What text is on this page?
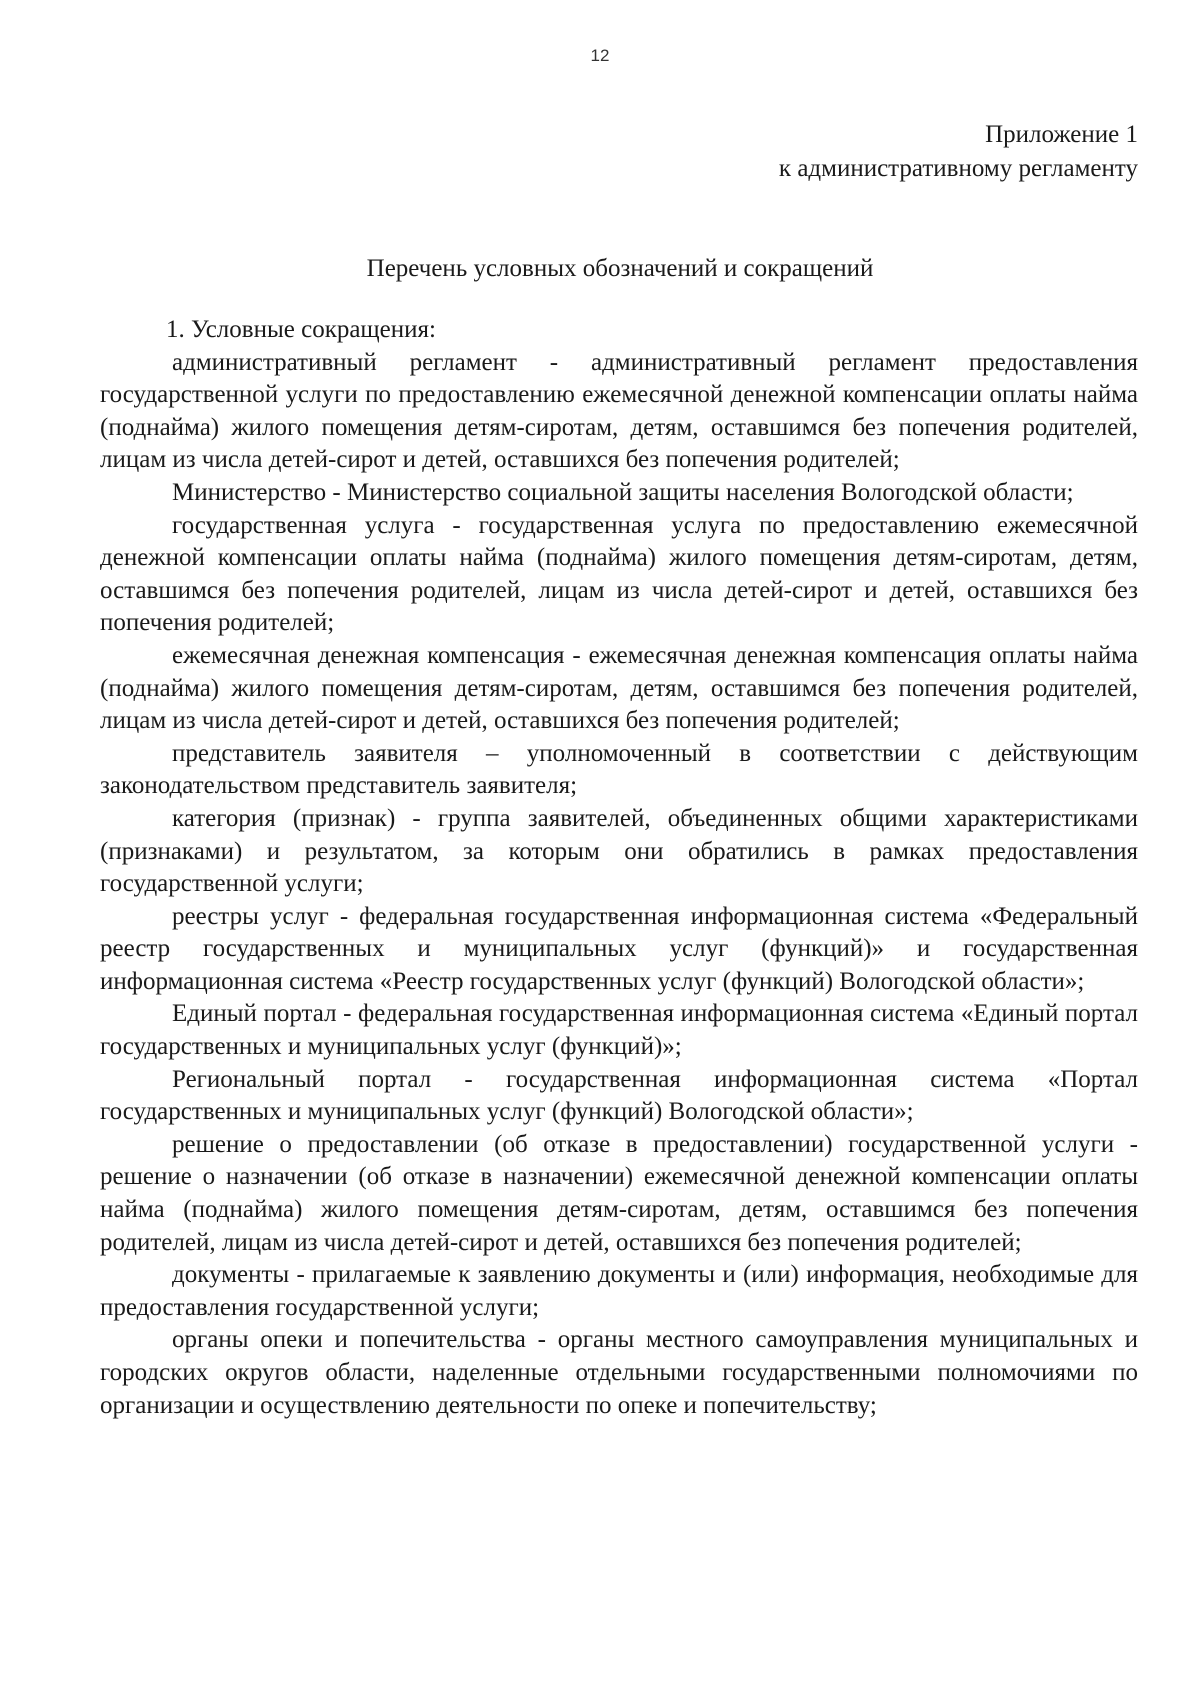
12
Приложение 1
к административному регламенту
Перечень условных обозначений и сокращений

1. Условные сокращения:

административный регламент - административный регламент предоставления государственной услуги по предоставлению ежемесячной денежной компенсации оплаты найма (поднайма) жилого помещения детям-сиротам, детям, оставшимся без попечения родителей, лицам из числа детей-сирот и детей, оставшихся без попечения родителей;

Министерство - Министерство социальной защиты населения Вологодской области;

государственная услуга - государственная услуга по предоставлению ежемесячной денежной компенсации оплаты найма (поднайма) жилого помещения детям-сиротам, детям, оставшимся без попечения родителей, лицам из числа детей-сирот и детей, оставшихся без попечения родителей;

ежемесячная денежная компенсация - ежемесячная денежная компенсация оплаты найма (поднайма) жилого помещения детям-сиротам, детям, оставшимся без попечения родителей, лицам из числа детей-сирот и детей, оставшихся без попечения родителей;

представитель заявителя – уполномоченный в соответствии с действующим законодательством представитель заявителя;

категория (признак) - группа заявителей, объединенных общими характеристиками (признаками) и результатом, за которым они обратились в рамках предоставления государственной услуги;

реестры услуг - федеральная государственная информационная система «Федеральный реестр государственных и муниципальных услуг (функций)» и государственная информационная система «Реестр государственных услуг (функций) Вологодской области»;

Единый портал - федеральная государственная информационная система «Единый портал государственных и муниципальных услуг (функций)»;

Региональный портал - государственная информационная система «Портал государственных и муниципальных услуг (функций) Вологодской области»;

решение о предоставлении (об отказе в предоставлении) государственной услуги - решение о назначении (об отказе в назначении) ежемесячной денежной компенсации оплаты найма (поднайма) жилого помещения детям-сиротам, детям, оставшимся без попечения родителей, лицам из числа детей-сирот и детей, оставшихся без попечения родителей;

документы - прилагаемые к заявлению документы и (или) информация, необходимые для предоставления государственной услуги;

органы опеки и попечительства - органы местного самоуправления муниципальных и городских округов области, наделенные отдельными государственными полномочиями по организации и осуществлению деятельности по опеке и попечительству;
